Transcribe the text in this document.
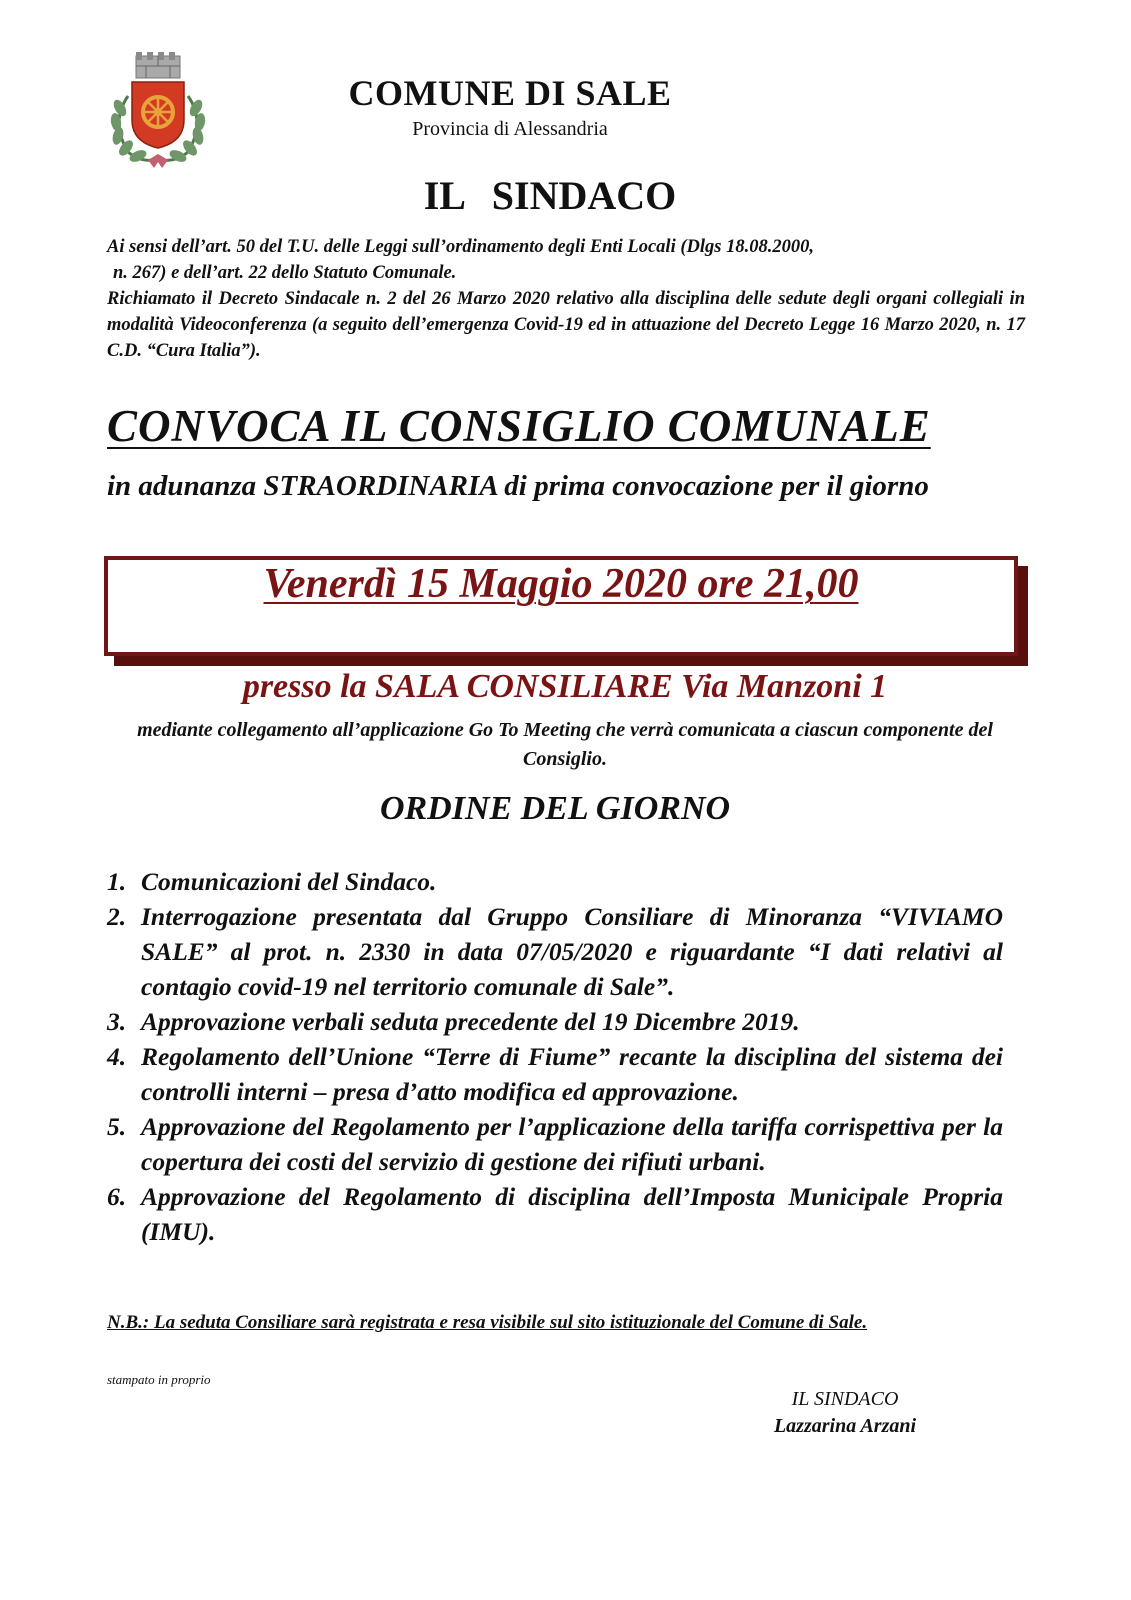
COMUNE DI SALE
Provincia di Alessandria
IL SINDACO

Ai sensi dell’art. 50 del T.U. delle Leggi sull’ordinamento degli Enti Locali (Dlgs 18.08.2000,

n. 267) e dell’art. 22 dello Statuto Comunale.

Richiamato il Decreto Sindacale n. 2 del 26 Marzo 2020 relativo alla disciplina delle sedute degli organi collegiali in modalità Videoconferenza (a seguito dell’emergenza Covid-19 ed in attuazione del Decreto Legge 16 Marzo 2020, n. 17 C.D. “Cura Italia”).

CONVOCA IL CONSIGLIO COMUNALE
in adunanza STRAORDINARIA di prima convocazione per il giorno
Venerdì 15 Maggio 2020 ore 21,00
presso la SALA CONSILIARE Via Manzoni 1
mediante collegamento all’applicazione Go To Meeting che verrà comunicata a ciascun componente del Consiglio.
ORDINE DEL GIORNO
1. Comunicazioni del Sindaco.
2. Interrogazione presentata dal Gruppo Consiliare di Minoranza “VIVIAMO SALE” al prot. n. 2330 in data 07/05/2020 e riguardante “I dati relativi al contagio covid-19 nel territorio comunale di Sale”.
3. Approvazione verbali seduta precedente del 19 Dicembre 2019.
4. Regolamento dell’Unione “Terre di Fiume” recante la disciplina del sistema dei controlli interni – presa d’atto modifica ed approvazione.
5. Approvazione del Regolamento per l’applicazione della tariffa corrispettiva per la copertura dei costi del servizio di gestione dei rifiuti urbani.
6. Approvazione del Regolamento di disciplina dell’Imposta Municipale Propria (IMU).
N.B.: La seduta Consiliare sarà registrata e resa visibile sul sito istituzionale del Comune di Sale.
stampato in proprio
IL SINDACO
Lazzarina Arzani
